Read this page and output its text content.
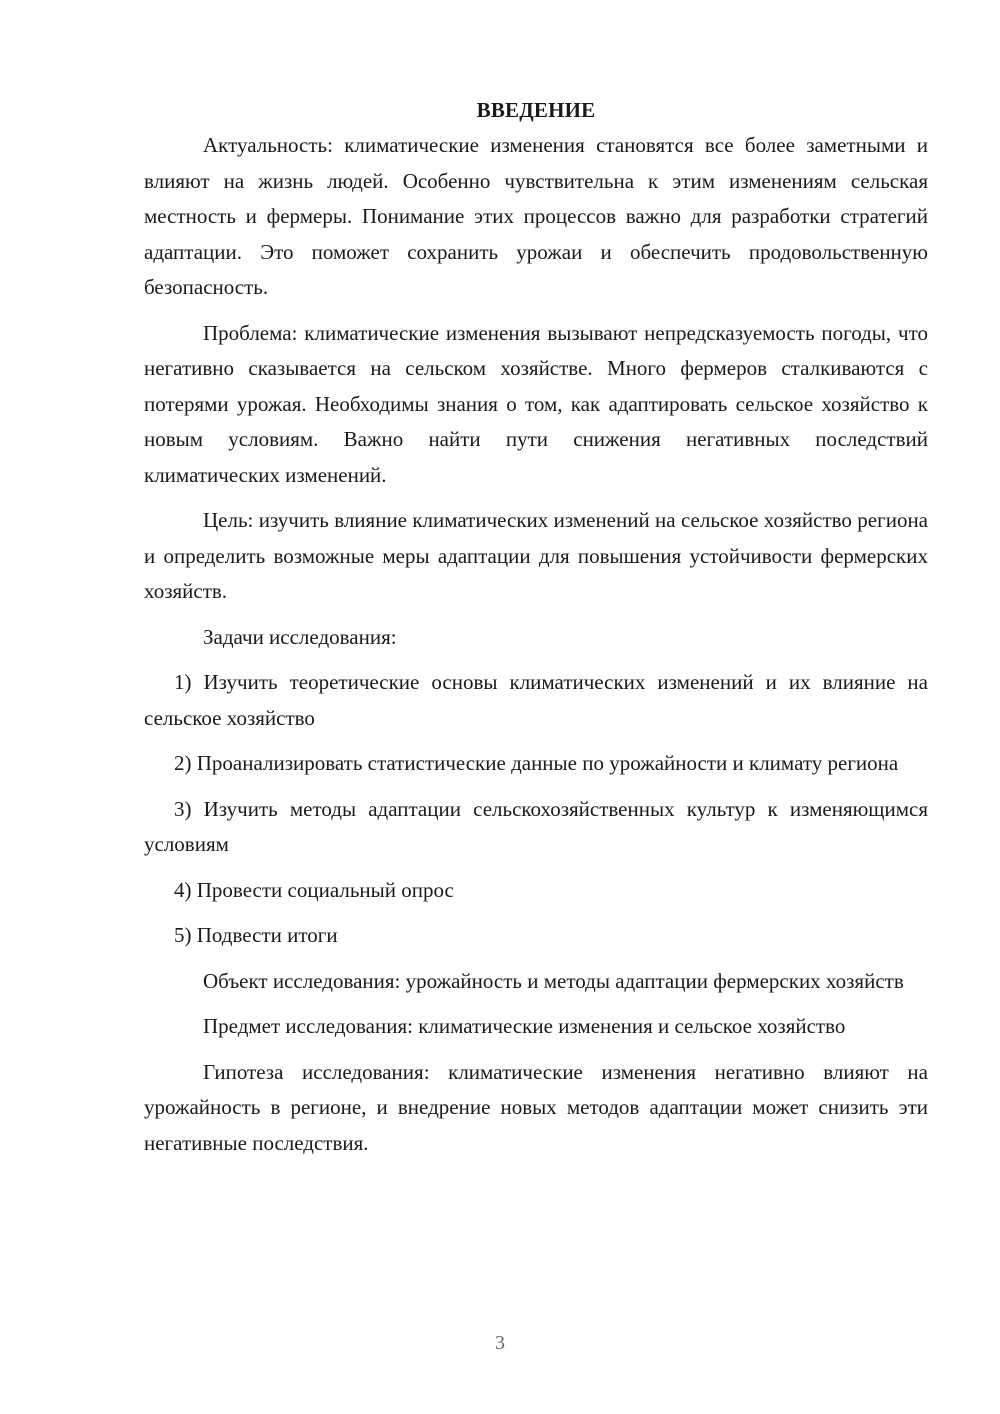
ВВЕДЕНИЕ

Актуальность: климатические изменения становятся все более заметными и влияют на жизнь людей. Особенно чувствительна к этим изменениям сельская местность и фермеры. Понимание этих процессов важно для разработки стратегий адаптации. Это поможет сохранить урожаи и обеспечить продовольственную безопасность.

Проблема: климатические изменения вызывают непредсказуемость погоды, что негативно сказывается на сельском хозяйстве. Много фермеров сталкиваются с потерями урожая. Необходимы знания о том, как адаптировать сельское хозяйство к новым условиям. Важно найти пути снижения негативных последствий климатических изменений.

Цель: изучить влияние климатических изменений на сельское хозяйство региона и определить возможные меры адаптации для повышения устойчивости фермерских хозяйств.

Задачи исследования:

1) Изучить теоретические основы климатических изменений и их влияние на сельское хозяйство

2) Проанализировать статистические данные по урожайности и климату региона

3) Изучить методы адаптации сельскохозяйственных культур к изменяющимся условиям

4) Провести социальный опрос

5) Подвести итоги

Объект исследования: урожайность и методы адаптации фермерских хозяйств

Предмет исследования: климатические изменения и сельское хозяйство

Гипотеза исследования: климатические изменения негативно влияют на урожайность в регионе, и внедрение новых методов адаптации может снизить эти негативные последствия.

3
